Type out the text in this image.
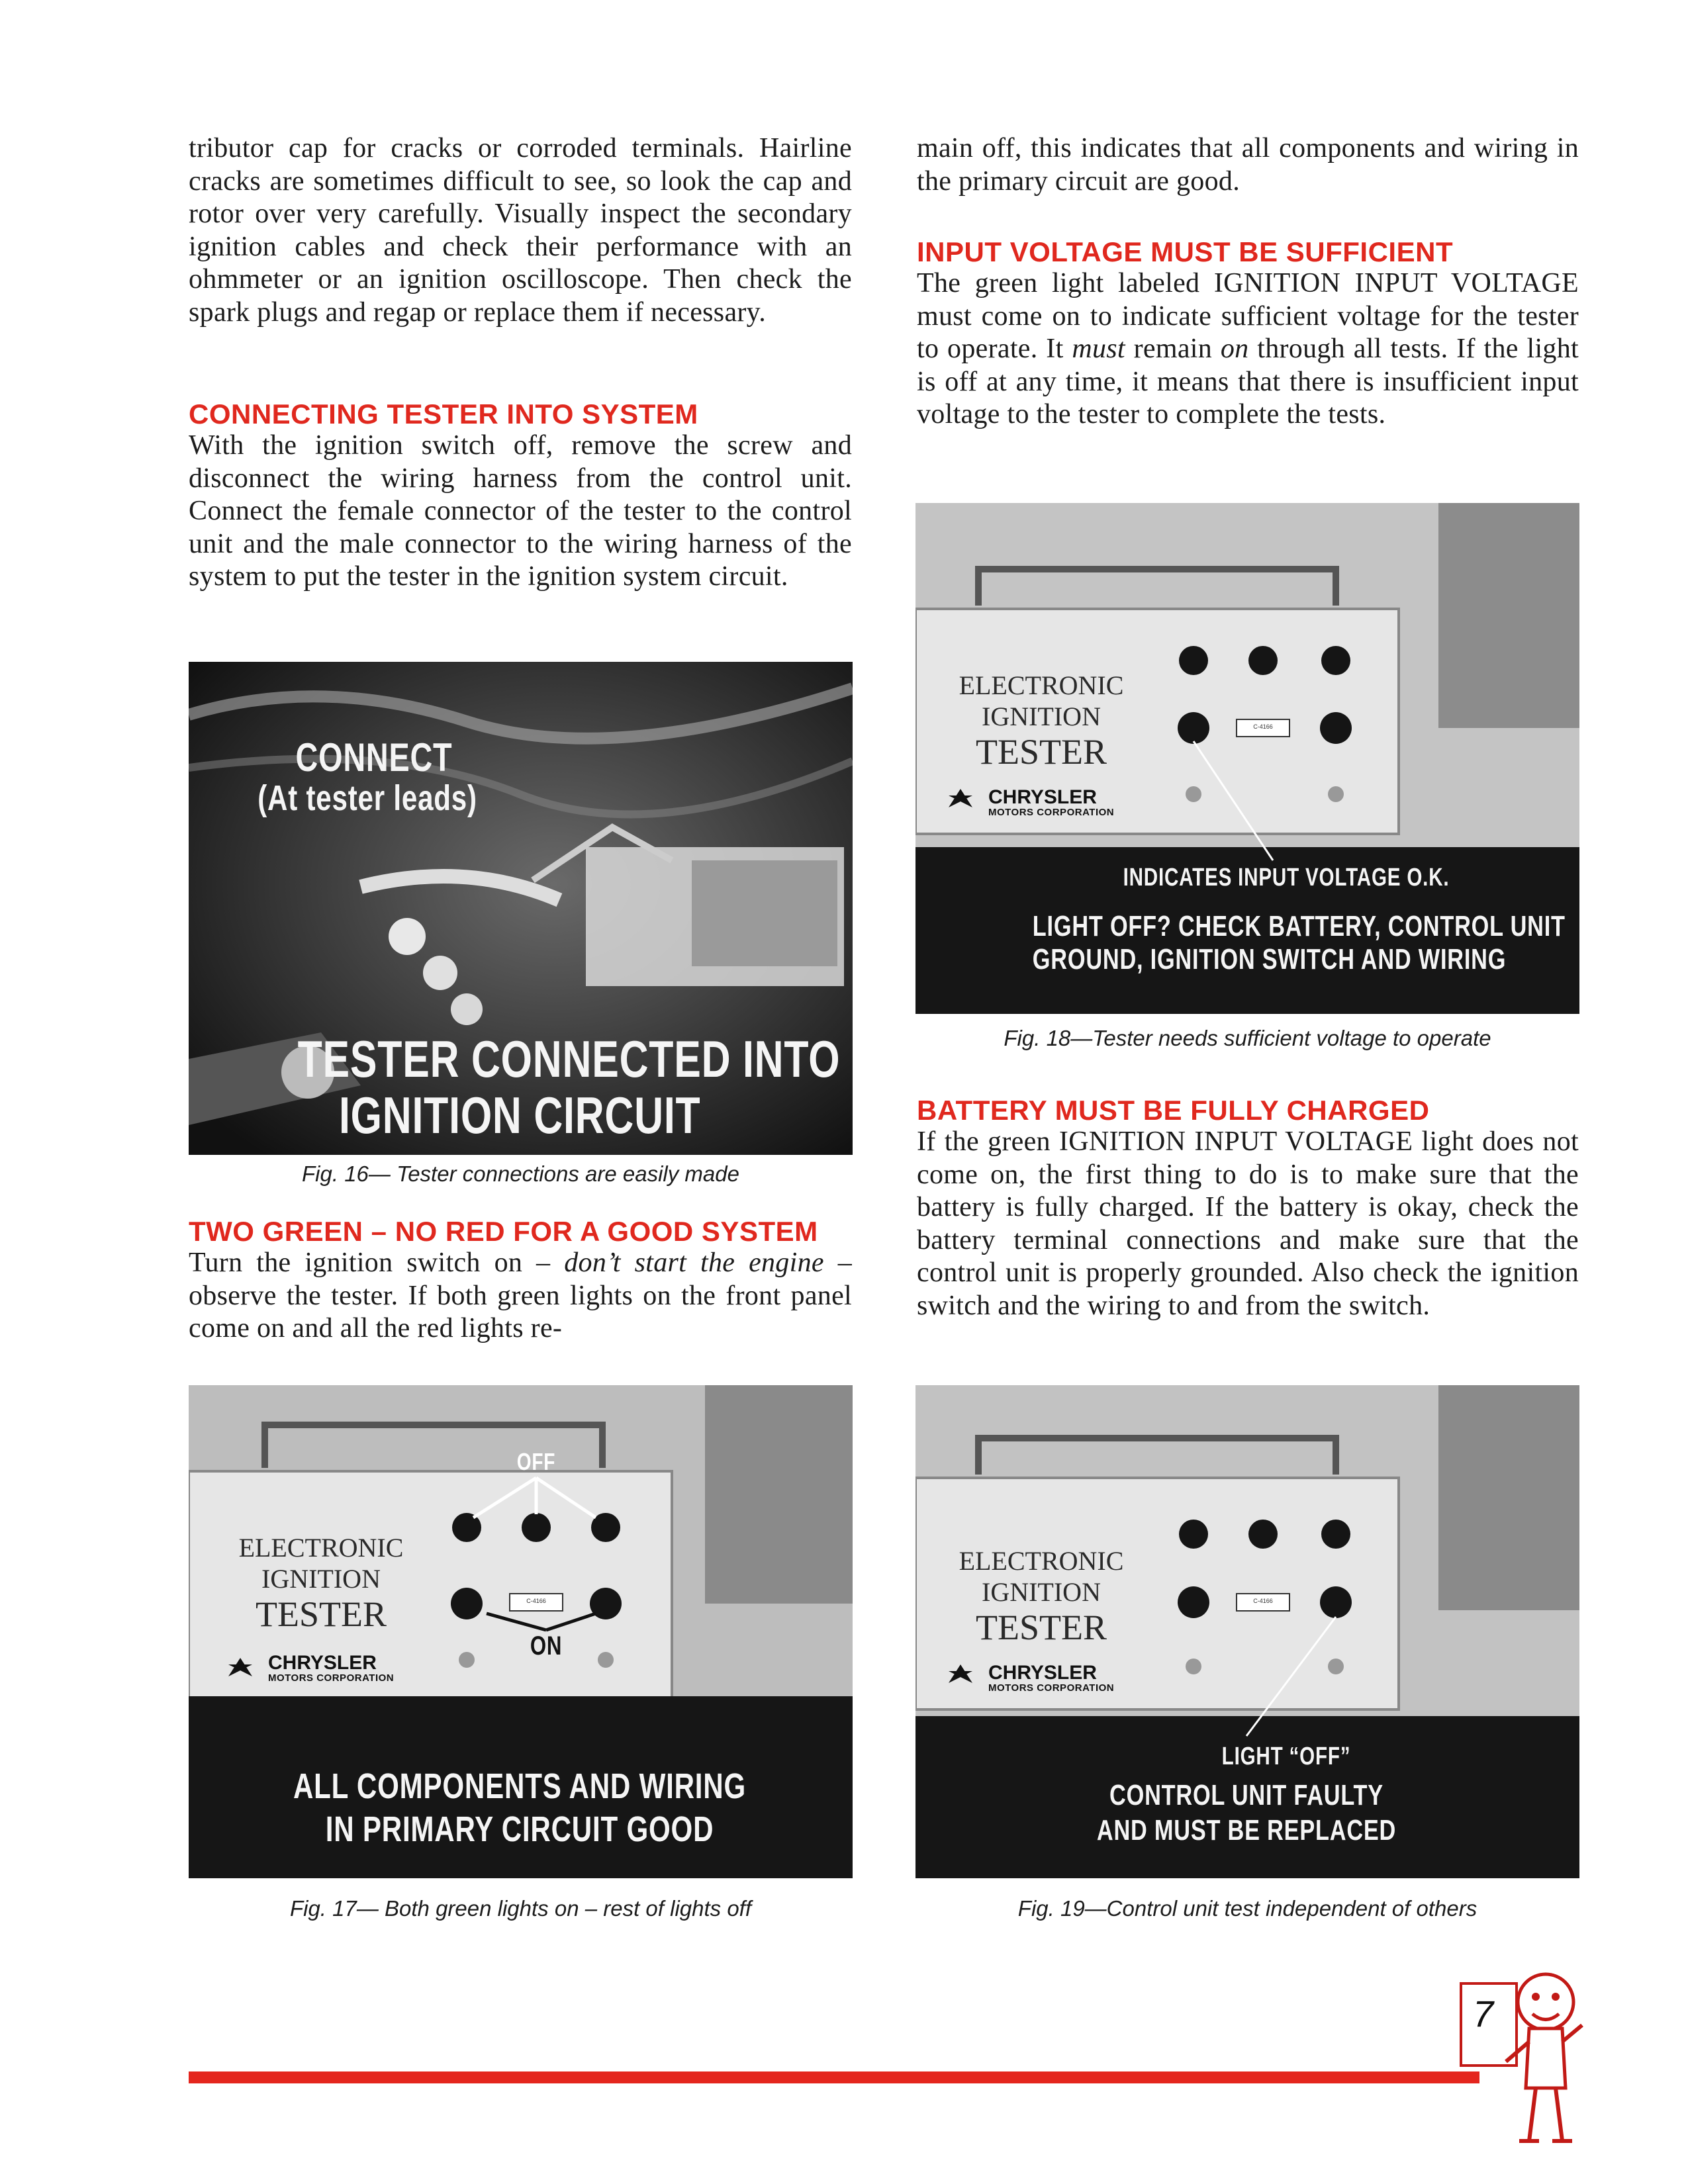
tributor cap for cracks or corroded terminals. Hairline cracks are sometimes difficult to see, so look the cap and rotor over very carefully. Visually inspect the secondary ignition cables and check their performance with an ohmmeter or an ignition oscilloscope. Then check the spark plugs and regap or replace them if necessary.

CONNECTING TESTER INTO SYSTEM

With the ignition switch off, remove the screw and disconnect the wiring harness from the control unit. Connect the female connector of the tester to the control unit and the male connector to the wiring harness of the system to put the tester in the ignition system circuit.

CONNECT
(At tester leads)
TESTER CONNECTED INTO
IGNITION CIRCUIT

Fig. 16— Tester connections are easily made

TWO GREEN – NO RED FOR A GOOD SYSTEM

Turn the ignition switch on – don’t start the engine – observe the tester. If both green lights on the front panel come on and all the red lights re-

ELECTRONIC
IGNITION
TESTER
CHRYSLER
MOTORS CORPORATION
C-4166
OFF
ON
ALL COMPONENTS AND WIRING
IN PRIMARY CIRCUIT GOOD

Fig. 17— Both green lights on – rest of lights off

main off, this indicates that all components and wiring in the primary circuit are good.

INPUT VOLTAGE MUST BE SUFFICIENT

The green light labeled IGNITION INPUT VOLTAGE must come on to indicate sufficient voltage for the tester to operate. It must remain on through all tests. If the light is off at any time, it means that there is insufficient input voltage to the tester to complete the tests.

ELECTRONIC
IGNITION
TESTER
CHRYSLER
MOTORS CORPORATION
C-4166
INDICATES INPUT VOLTAGE O.K.
LIGHT OFF? CHECK BATTERY, CONTROL UNIT
GROUND, IGNITION SWITCH AND WIRING

Fig. 18—Tester needs sufficient voltage to operate

BATTERY MUST BE FULLY CHARGED

If the green IGNITION INPUT VOLTAGE light does not come on, the first thing to do is to make sure that the battery is fully charged. If the battery is okay, check the battery terminal connections and make sure that the control unit is properly grounded. Also check the ignition switch and the wiring to and from the switch.

ELECTRONIC
IGNITION
TESTER
CHRYSLER
MOTORS CORPORATION
C-4166
LIGHT “OFF”
CONTROL UNIT FAULTY
AND MUST BE REPLACED

Fig. 19—Control unit test independent of others

7
